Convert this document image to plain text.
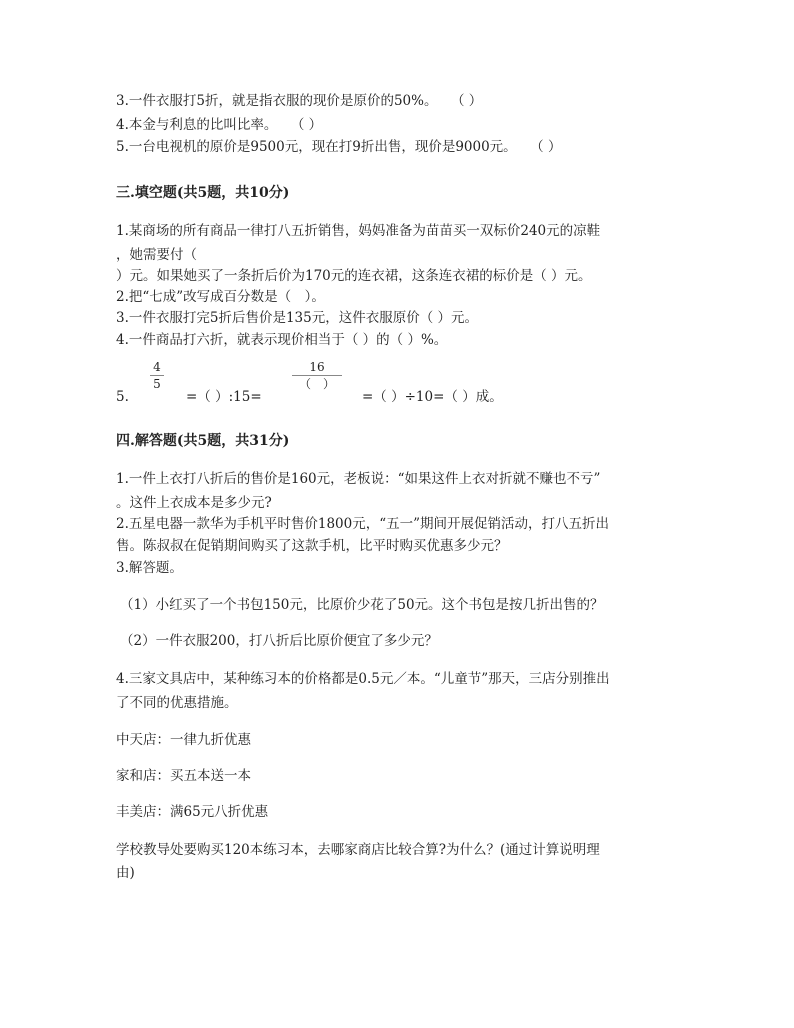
3.一件衣服打5折，就是指衣服的现价是原价的50%。　　（ ）
4.本金与利息的比叫比率。　　（ ）
5.一台电视机的原价是9500元，现在打9折出售，现价是9000元。　　（ ）
三.填空题(共5题，共10分)
1.某商场的所有商品一律打八五折销售，妈妈准备为苗苗买一双标价240元的凉鞋
，她需要付（
）元。如果她买了一条折后价为170元的连衣裙，这条连衣裙的标价是（ ）元。
2.把“七成”改写成百分数是（　）。
3.一件衣服打完5折后售价是135元，这件衣服原价（ ）元。
4.一件商品打六折，就表示现价相当于（ ）的（ ）%。
5.
4
5
=（ ）:15=
16
（　）
=（ ）÷10=（ ）成。
四.解答题(共5题，共31分)
1.一件上衣打八折后的售价是160元，老板说：“如果这件上衣对折就不赚也不亏”
。这件上衣成本是多少元?
2.五星电器一款华为手机平时售价1800元，“五一”期间开展促销活动，打八五折出
售。陈叔叔在促销期间购买了这款手机，比平时购买优惠多少元？
3.解答题。
（1）小红买了一个书包150元，比原价少花了50元。这个书包是按几折出售的？
（2）一件衣服200，打八折后比原价便宜了多少元？
4.三家文具店中，某种练习本的价格都是0.5元／本。“儿童节”那天，三店分别推出
了不同的优惠措施。
中天店：一律九折优惠
家和店：买五本送一本
丰美店：满65元八折优惠
学校教导处要购买120本练习本，去哪家商店比较合算?为什么？(通过计算说明理
由)
